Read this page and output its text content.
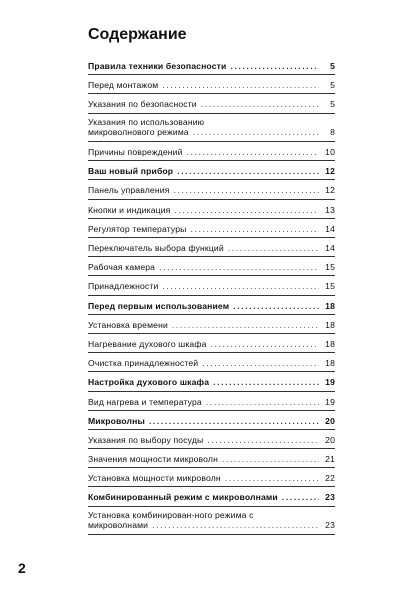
Содержание
Правила техники безопасности .....	5
Перед монтажом .....	5
Указания по безопасности .....	5
Указания по использованию
микроволнового режима .....	8
Причины повреждений .....	10
Ваш новый прибор .....	12
Панель управления .....	12
Кнопки и индикация .....	13
Регулятор температуры .....	14
Переключатель выбора функций .....	14
Рабочая камера .....	15
Принадлежности .....	15
Перед первым использованием .....	18
Установка времени .....	18
Нагревание духового шкафа .....	18
Очистка принадлежностей .....	18
Настройка духового шкафа .....	19
Вид нагрева и температура .....	19
Микроволны .....	20
Указания по выбору посуды .....	20
Значения мощности микроволн .....	21
Установка мощности микроволн .....	22
Комбинированный режим с микроволнами .....	23
Установка комбинирован-ного режима с
микроволнами .....	23
2
